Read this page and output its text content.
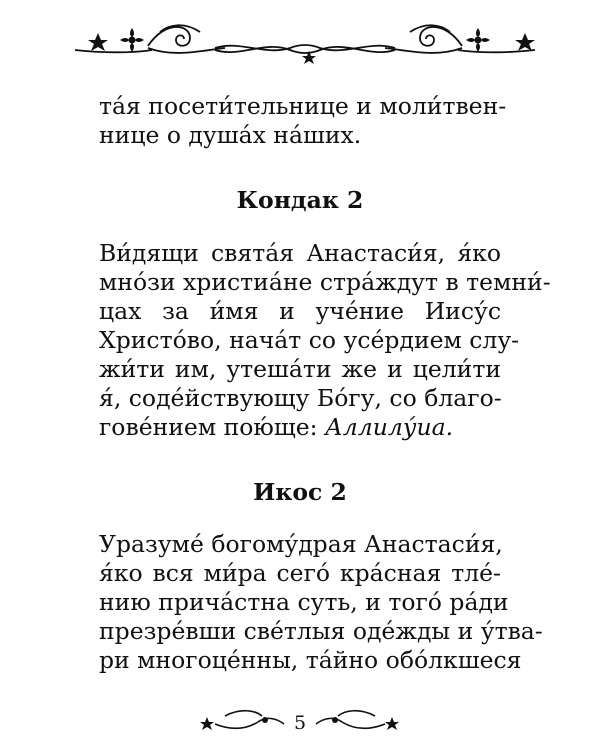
та́я посети́тельнице и моли́твен-
нице о душа́х на́ших.
Кондак 2
Ви́дящи свята́я Анастаси́я, я́ко
мно́зи христиа́не стра́ждут в темни́-
цах за и́мя и уче́ние Иису́с
Христо́во, нача́т со усе́рдием слу-
жи́ти им, утеша́ти же и цели́ти
я́, соде́йствующу Бо́гу, со благо-
гове́нием пою́ще: Аллилу́иа.
Икос 2
Уразуме́ богому́драя Анастаси́я,
я́ко вся ми́ра сего́ кра́сная тле́-
нию прича́стна суть, и того́ ра́ди
презре́вши све́тлыя оде́жды и у́тва-
ри многоце́нны, та́йно обо́лкшеся
5
